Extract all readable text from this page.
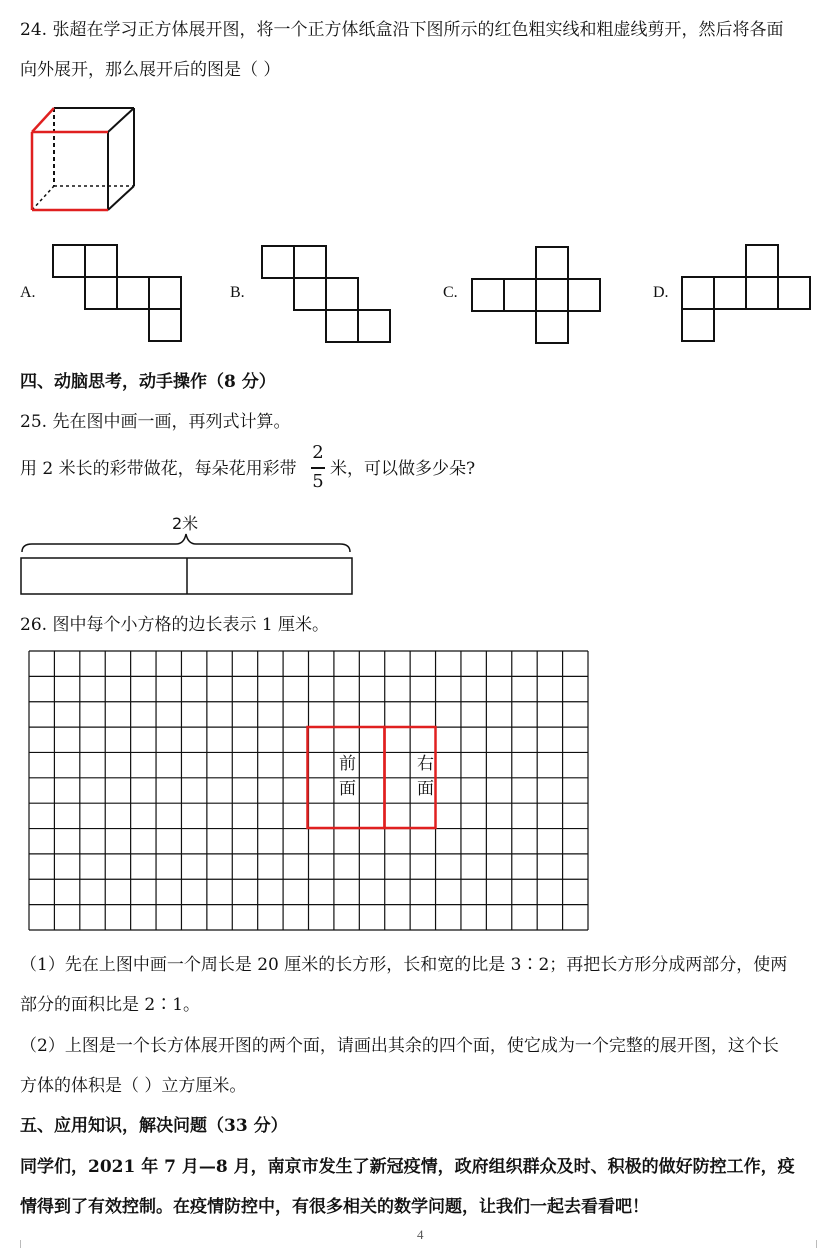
24. 张超在学习正方体展开图，将一个正方体纸盒沿下图所示的红色粗实线和粗虚线剪开，然后将各面
向外展开，那么展开后的图是（ ）
A.	B.	C.	D.
四、动脑思考，动手操作（8 分）
25. 先在图中画一画，再列式计算。
用 2 米长的彩带做花，每朵花用彩带
2
5
米，可以做多少朵?
2米
26. 图中每个小方格的边长表示 1 厘米。
前
面
右
面
（1）先在上图中画一个周长是 20 厘米的长方形，长和宽的比是 3∶2；再把长方形分成两部分，使两
部分的面积比是 2∶1。
（2）上图是一个长方体展开图的两个面，请画出其余的四个面，使它成为一个完整的展开图，这个长
方体的体积是（ ）立方厘米。
五、应用知识，解决问题（33 分）
同学们，2021 年 7 月—8 月，南京市发生了新冠疫情，政府组织群众及时、积极的做好防控工作，疫
情得到了有效控制。在疫情防控中，有很多相关的数学问题，让我们一起去看看吧！
4
